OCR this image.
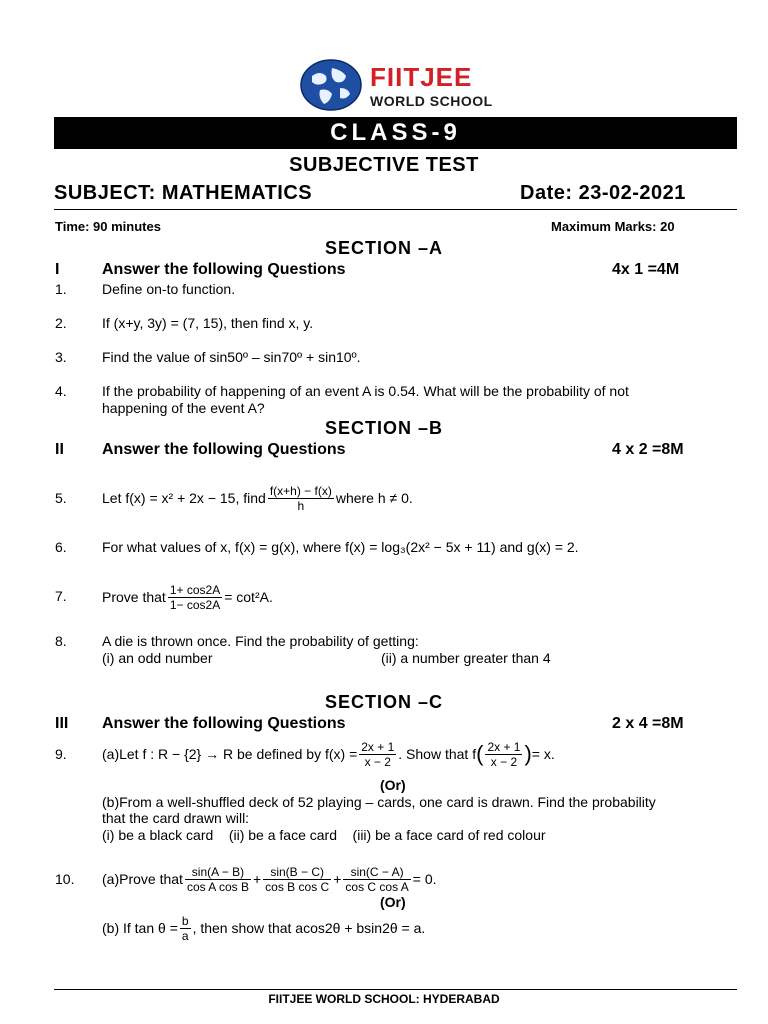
FIITJEE
WORLD SCHOOL
CLASS-9
SUBJECTIVE TEST
SUBJECT: MATHEMATICS	Date: 23-02-2021
Time: 90 minutes	Maximum Marks: 20
SECTION –A
I	Answer the following Questions	4x 1 =4M
1.	Define on-to function.
2.	If (x+y, 3y) = (7, 15), then find x, y.
3.	Find the value of sin50º – sin70º + sin10º.
4.	If the probability of happening of an event A is 0.54. What will be the probability of not
happening of the event A?
SECTION –B
II Answer the following Questions	4 x 2 =8M
5.	Let f(x) = x² + 2x − 15, find $\frac{f(x+h) - f(x)}{h}$ where h ≠ 0.
6.	For what values of x, f(x) = g(x), where f(x) = log₃(2x² − 5x + 11) and g(x) = 2.
7.	Prove that $\frac{1+ \cos 2A}{1- \cos 2A} = \cot^2A$.
8.	A die is thrown once. Find the probability of getting:
(i) an odd number	(ii) a number greater than 4
SECTION –C
III Answer the following Questions	2 x 4 =8M
9.	(a)Let f : R − {2} → R be defined by $f(x) = \frac{2x + 1}{x - 2}$ . Show that f ( $\frac{2x + 1}{x - 2}$ ) = x.
(Or)
(b)From a well-shuffled deck of 52 playing – cards, one card is drawn. Find the probability
that the card drawn will:
(i) be a black card    (ii) be a face card    (iii) be a face card of red colour
10. (a)Prove that $\frac{\sin(A - B)}{\text{cos A cos B}} + \frac{\sin(B - C)}{\text{cos B cos C}} + \frac{\sin(C - A)}{\text{cos C cos A}} = 0$.
(Or)
(b) If $\tan \theta = \frac{b}{a}$ , then show that acos2θ + bsin2θ = a.
FIITJEE WORLD SCHOOL: HYDERABAD
